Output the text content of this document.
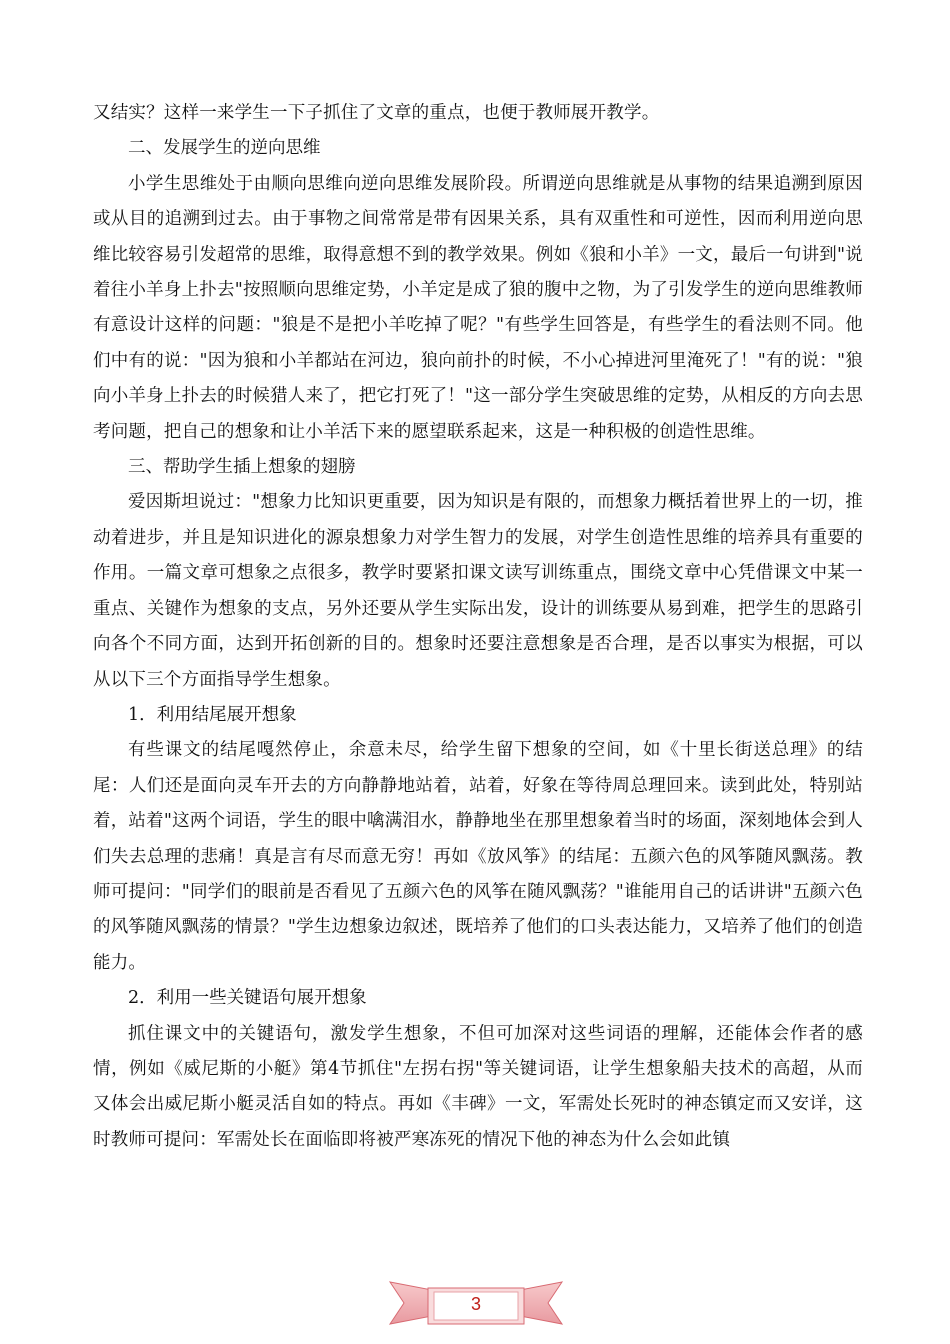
又结实？这样一来学生一下子抓住了文章的重点，也便于教师展开教学。

二、发展学生的逆向思维

小学生思维处于由顺向思维向逆向思维发展阶段。所谓逆向思维就是从事物的结果追溯到原因或从目的追溯到过去。由于事物之间常常是带有因果关系，具有双重性和可逆性，因而利用逆向思维比较容易引发超常的思维，取得意想不到的教学效果。例如《狼和小羊》一文，最后一句讲到"说着往小羊身上扑去"按照顺向思维定势，小羊定是成了狼的腹中之物，为了引发学生的逆向思维教师有意设计这样的问题："狼是不是把小羊吃掉了呢？"有些学生回答是，有些学生的看法则不同。他们中有的说："因为狼和小羊都站在河边，狼向前扑的时候，不小心掉进河里淹死了！"有的说："狼向小羊身上扑去的时候猎人来了，把它打死了！"这一部分学生突破思维的定势，从相反的方向去思考问题，把自己的想象和让小羊活下来的愿望联系起来，这是一种积极的创造性思维。

三、帮助学生插上想象的翅膀

爱因斯坦说过："想象力比知识更重要，因为知识是有限的，而想象力概括着世界上的一切，推动着进步，并且是知识进化的源泉想象力对学生智力的发展，对学生创造性思维的培养具有重要的作用。一篇文章可想象之点很多，教学时要紧扣课文读写训练重点，围绕文章中心凭借课文中某一重点、关键作为想象的支点，另外还要从学生实际出发，设计的训练要从易到难，把学生的思路引向各个不同方面，达到开拓创新的目的。想象时还要注意想象是否合理，是否以事实为根据，可以从以下三个方面指导学生想象。

1．利用结尾展开想象

有些课文的结尾嘎然停止，余意未尽，给学生留下想象的空间，如《十里长街送总理》的结尾：人们还是面向灵车开去的方向静静地站着，站着，好象在等待周总理回来。读到此处，特别站着，站着"这两个词语，学生的眼中噙满泪水，静静地坐在那里想象着当时的场面，深刻地体会到人们失去总理的悲痛！真是言有尽而意无穷！再如《放风筝》的结尾：五颜六色的风筝随风飘荡。教师可提问："同学们的眼前是否看见了五颜六色的风筝在随风飘荡？"谁能用自己的话讲讲"五颜六色的风筝随风飘荡的情景？"学生边想象边叙述，既培养了他们的口头表达能力，又培养了他们的创造能力。

2．利用一些关键语句展开想象

抓住课文中的关键语句，激发学生想象，不但可加深对这些词语的理解，还能体会作者的感情，例如《威尼斯的小艇》第4节抓住"左拐右拐"等关键词语，让学生想象船夫技术的高超，从而又体会出威尼斯小艇灵活自如的特点。再如《丰碑》一文，军需处长死时的神态镇定而又安详，这时教师可提问：军需处长在面临即将被严寒冻死的情况下他的神态为什么会如此镇

3
